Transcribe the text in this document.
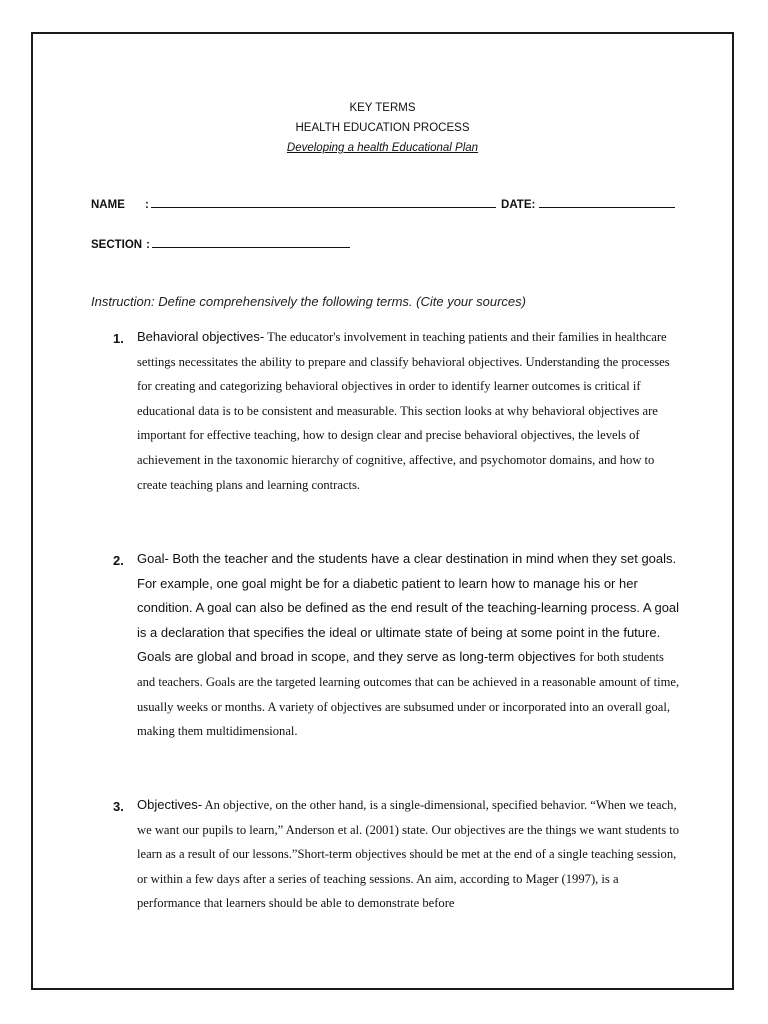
KEY TERMS
HEALTH EDUCATION PROCESS
Developing a health Educational Plan
NAME :	DATE:
SECTION :
Instruction: Define comprehensively the following terms. (Cite your sources)
1. Behavioral objectives- The educator's involvement in teaching patients and their families in healthcare settings necessitates the ability to prepare and classify behavioral objectives. Understanding the processes for creating and categorizing behavioral objectives in order to identify learner outcomes is critical if educational data is to be consistent and measurable. This section looks at why behavioral objectives are important for effective teaching, how to design clear and precise behavioral objectives, the levels of achievement in the taxonomic hierarchy of cognitive, affective, and psychomotor domains, and how to create teaching plans and learning contracts.
2. Goal- Both the teacher and the students have a clear destination in mind when they set goals. For example, one goal might be for a diabetic patient to learn how to manage his or her condition. A goal can also be defined as the end result of the teaching-learning process. A goal is a declaration that specifies the ideal or ultimate state of being at some point in the future. Goals are global and broad in scope, and they serve as long-term objectives for both students and teachers. Goals are the targeted learning outcomes that can be achieved in a reasonable amount of time, usually weeks or months. A variety of objectives are subsumed under or incorporated into an overall goal, making them multidimensional.
3. Objectives- An objective, on the other hand, is a single-dimensional, specified behavior. “When we teach, we want our pupils to learn,” Anderson et al. (2001) state. Our objectives are the things we want students to learn as a result of our lessons.”Short-term objectives should be met at the end of a single teaching session, or within a few days after a series of teaching sessions. An aim, according to Mager (1997), is a performance that learners should be able to demonstrate before
